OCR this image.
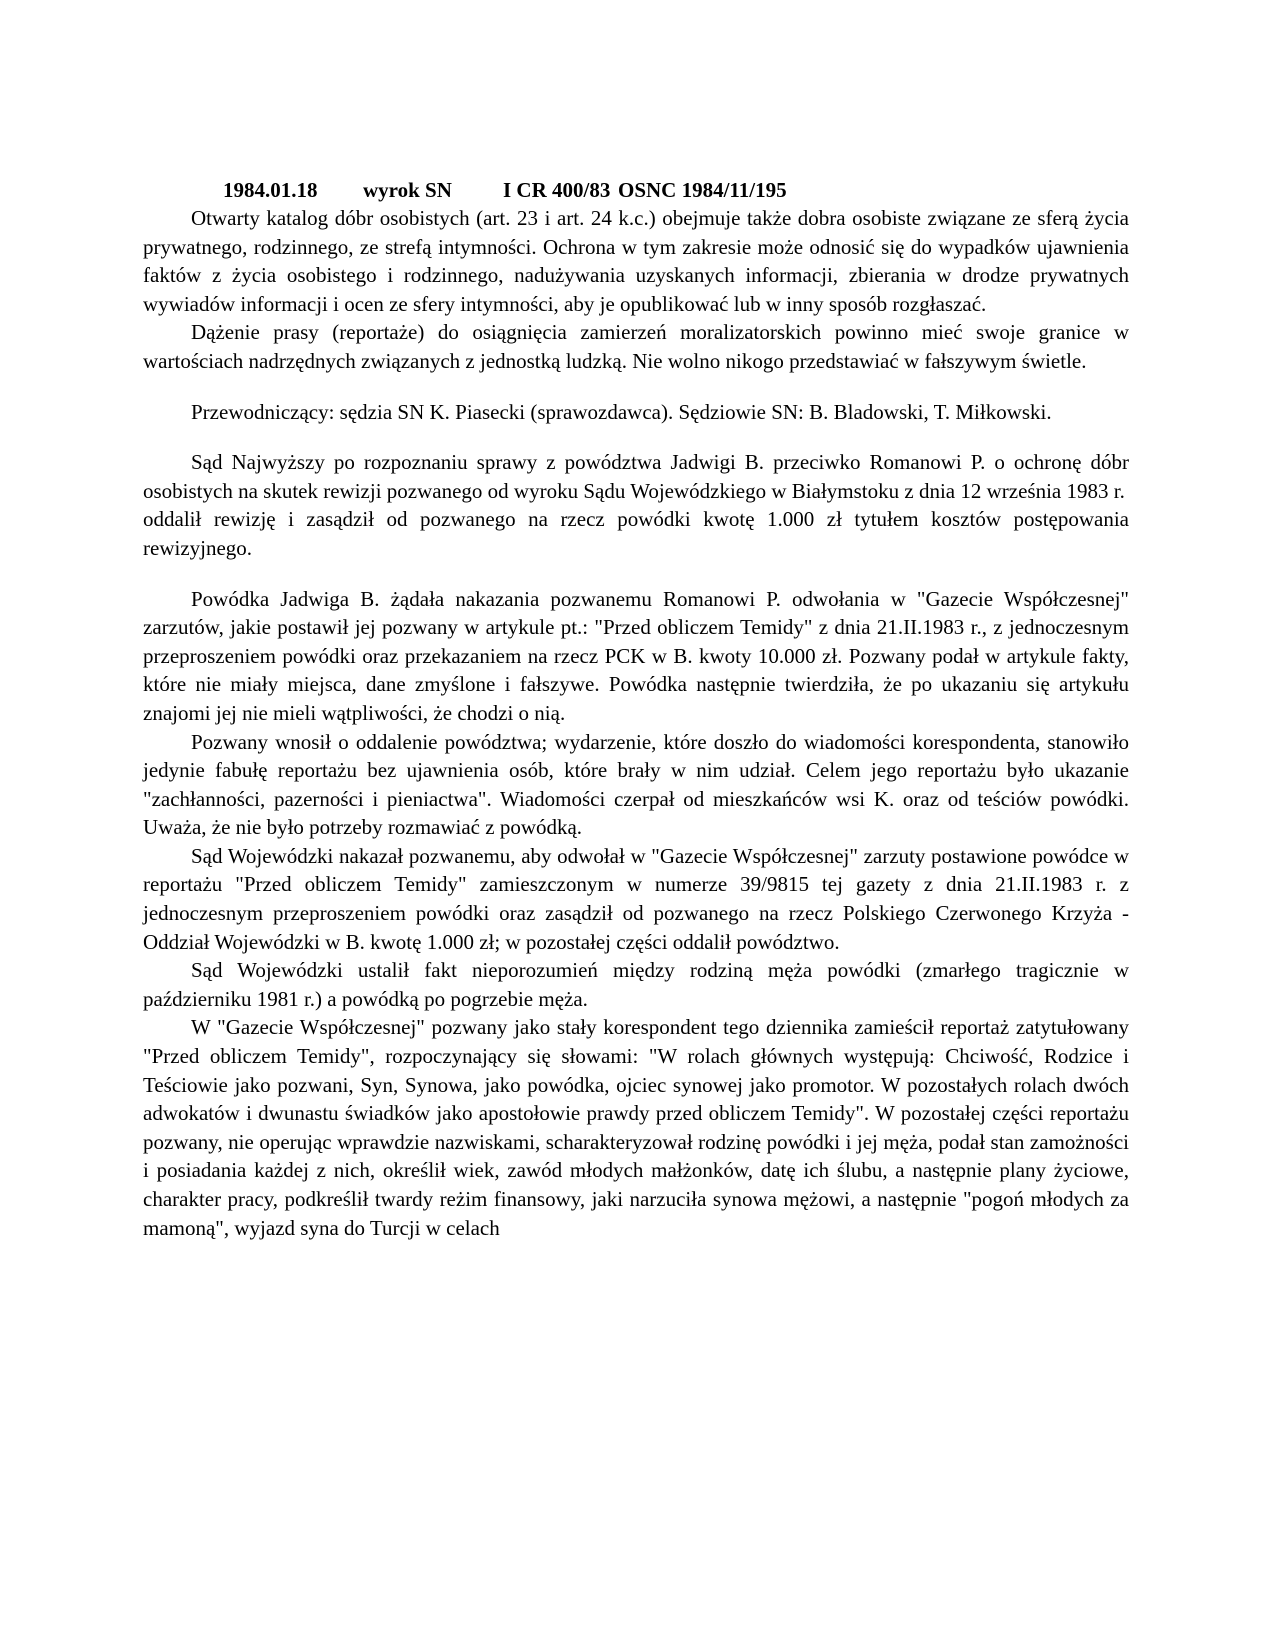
1984.01.18 wyrok SN I CR 400/83 OSNC 1984/11/195

Otwarty katalog dóbr osobistych (art. 23 i art. 24 k.c.) obejmuje także dobra osobiste związane ze sferą życia prywatnego, rodzinnego, ze strefą intymności. Ochrona w tym zakresie może odnosić się do wypadków ujawnienia faktów z życia osobistego i rodzinnego, nadużywania uzyskanych informacji, zbierania w drodze prywatnych wywiadów informacji i ocen ze sfery intymności, aby je opublikować lub w inny sposób rozgłaszać.

Dążenie prasy (reportaże) do osiągnięcia zamierzeń moralizatorskich powinno mieć swoje granice w wartościach nadrzędnych związanych z jednostką ludzką. Nie wolno nikogo przedstawiać w fałszywym świetle.

Przewodniczący: sędzia SN K. Piasecki (sprawozdawca). Sędziowie SN: B. Bladowski, T. Miłkowski.

Sąd Najwyższy po rozpoznaniu sprawy z powództwa Jadwigi B. przeciwko Romanowi P. o ochronę dóbr osobistych na skutek rewizji pozwanego od wyroku Sądu Wojewódzkiego w Białymstoku z dnia 12 września 1983 r.

oddalił rewizję i zasądził od pozwanego na rzecz powódki kwotę 1.000 zł tytułem kosztów postępowania rewizyjnego.

Powódka Jadwiga B. żądała nakazania pozwanemu Romanowi P. odwołania w "Gazecie Współczesnej" zarzutów, jakie postawił jej pozwany w artykule pt.: "Przed obliczem Temidy" z dnia 21.II.1983 r., z jednoczesnym przeproszeniem powódki oraz przekazaniem na rzecz PCK w B. kwoty 10.000 zł. Pozwany podał w artykule fakty, które nie miały miejsca, dane zmyślone i fałszywe. Powódka następnie twierdziła, że po ukazaniu się artykułu znajomi jej nie mieli wątpliwości, że chodzi o nią.

Pozwany wnosił o oddalenie powództwa; wydarzenie, które doszło do wiadomości korespondenta, stanowiło jedynie fabułę reportażu bez ujawnienia osób, które brały w nim udział. Celem jego reportażu było ukazanie "zachłanności, pazerności i pieniactwa". Wiadomości czerpał od mieszkańców wsi K. oraz od teściów powódki. Uważa, że nie było potrzeby rozmawiać z powódką.

Sąd Wojewódzki nakazał pozwanemu, aby odwołał w "Gazecie Współczesnej" zarzuty postawione powódce w reportażu "Przed obliczem Temidy" zamieszczonym w numerze 39/9815 tej gazety z dnia 21.II.1983 r. z jednoczesnym przeproszeniem powódki oraz zasądził od pozwanego na rzecz Polskiego Czerwonego Krzyża - Oddział Wojewódzki w B. kwotę 1.000 zł; w pozostałej części oddalił powództwo.

Sąd Wojewódzki ustalił fakt nieporozumień między rodziną męża powódki (zmarłego tragicznie w październiku 1981 r.) a powódką po pogrzebie męża.

W "Gazecie Współczesnej" pozwany jako stały korespondent tego dziennika zamieścił reportaż zatytułowany "Przed obliczem Temidy", rozpoczynający się słowami: "W rolach głównych występują: Chciwość, Rodzice i Teściowie jako pozwani, Syn, Synowa, jako powódka, ojciec synowej jako promotor. W pozostałych rolach dwóch adwokatów i dwunastu świadków jako apostołowie prawdy przed obliczem Temidy". W pozostałej części reportażu pozwany, nie operując wprawdzie nazwiskami, scharakteryzował rodzinę powódki i jej męża, podał stan zamożności i posiadania każdej z nich, określił wiek, zawód młodych małżonków, datę ich ślubu, a następnie plany życiowe, charakter pracy, podkreślił twardy reżim finansowy, jaki narzuciła synowa mężowi, a następnie "pogoń młodych za mamoną", wyjazd syna do Turcji w celach
